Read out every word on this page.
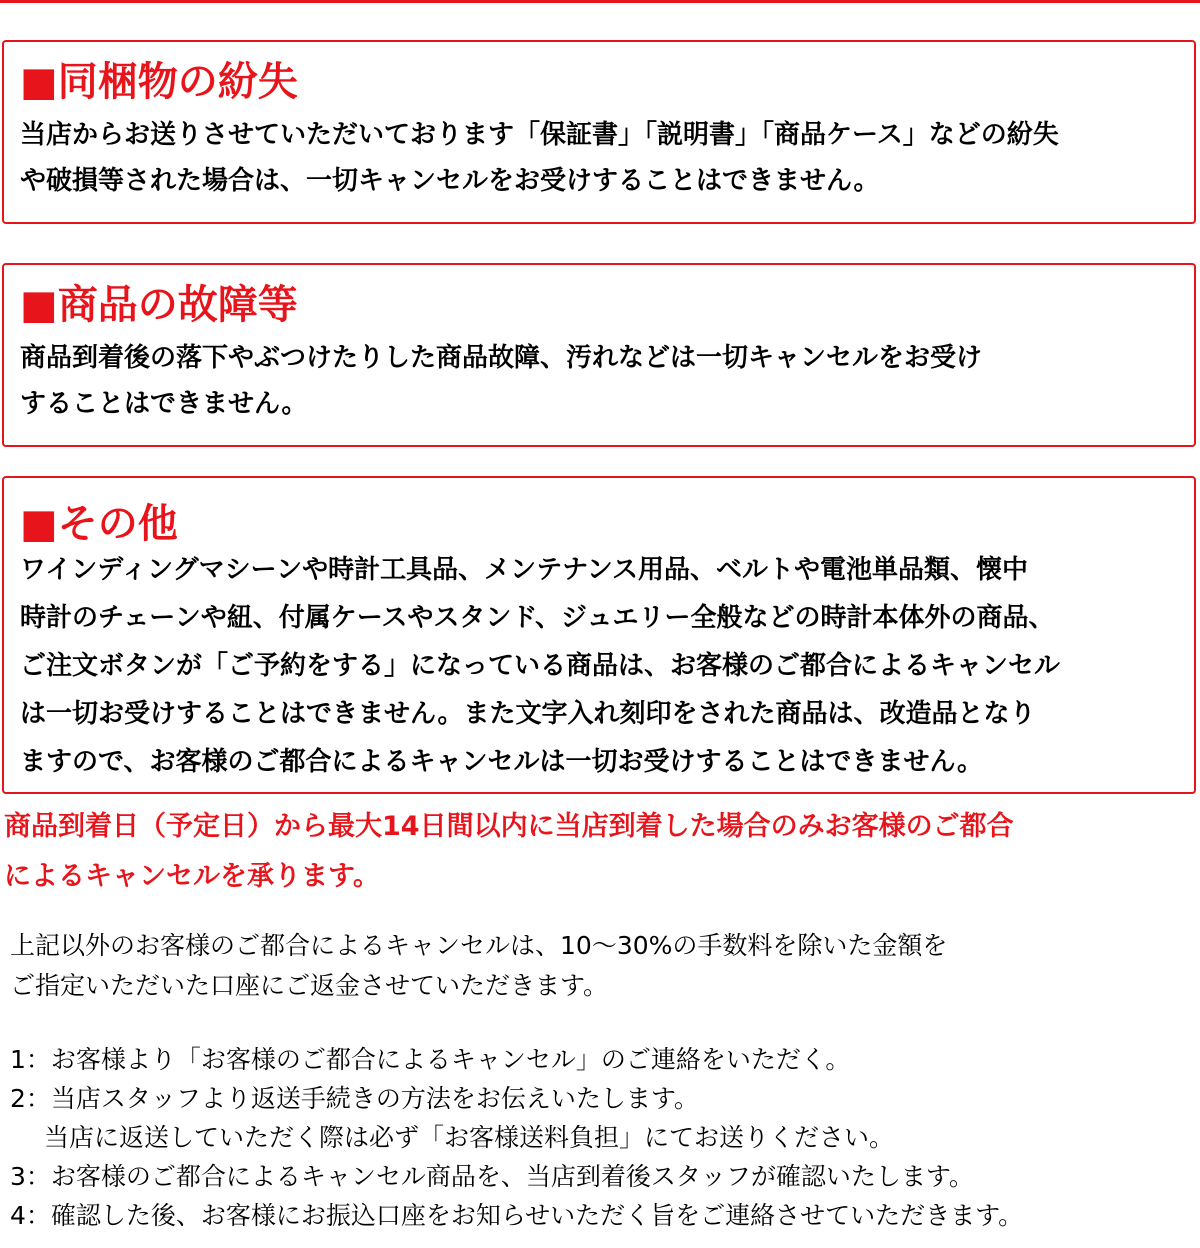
■同梱物の紛失

当店からお送りさせていただいております「保証書」「説明書」「商品ケース」などの紛失
や破損等された場合は、一切キャンセルをお受けすることはできません。

■商品の故障等

商品到着後の落下やぶつけたりした商品故障、汚れなどは一切キャンセルをお受け
することはできません。

■その他

ワインディングマシーンや時計工具品、メンテナンス用品、ベルトや電池単品類、懐中
時計のチェーンや紐、付属ケースやスタンド、ジュエリー全般などの時計本体外の商品、
ご注文ボタンが「ご予約をする」になっている商品は、お客様のご都合によるキャンセル
は一切お受けすることはできません。また文字入れ刻印をされた商品は、改造品となり
ますので、お客様のご都合によるキャンセルは一切お受けすることはできません。

商品到着日（予定日）から最大14日間以内に当店到着した場合のみお客様のご都合
によるキャンセルを承ります。

上記以外のお客様のご都合によるキャンセルは、10～30%の手数料を除いた金額を
ご指定いただいた口座にご返金させていただきます。

1：お客様より「お客様のご都合によるキャンセル」のご連絡をいただく。
2：当店スタッフより返送手続きの方法をお伝えいたします。
当店に返送していただく際は必ず「お客様送料負担」にてお送りください。
3：お客様のご都合によるキャンセル商品を、当店到着後スタッフが確認いたします。
4：確認した後、お客様にお振込口座をお知らせいただく旨をご連絡させていただきます。
